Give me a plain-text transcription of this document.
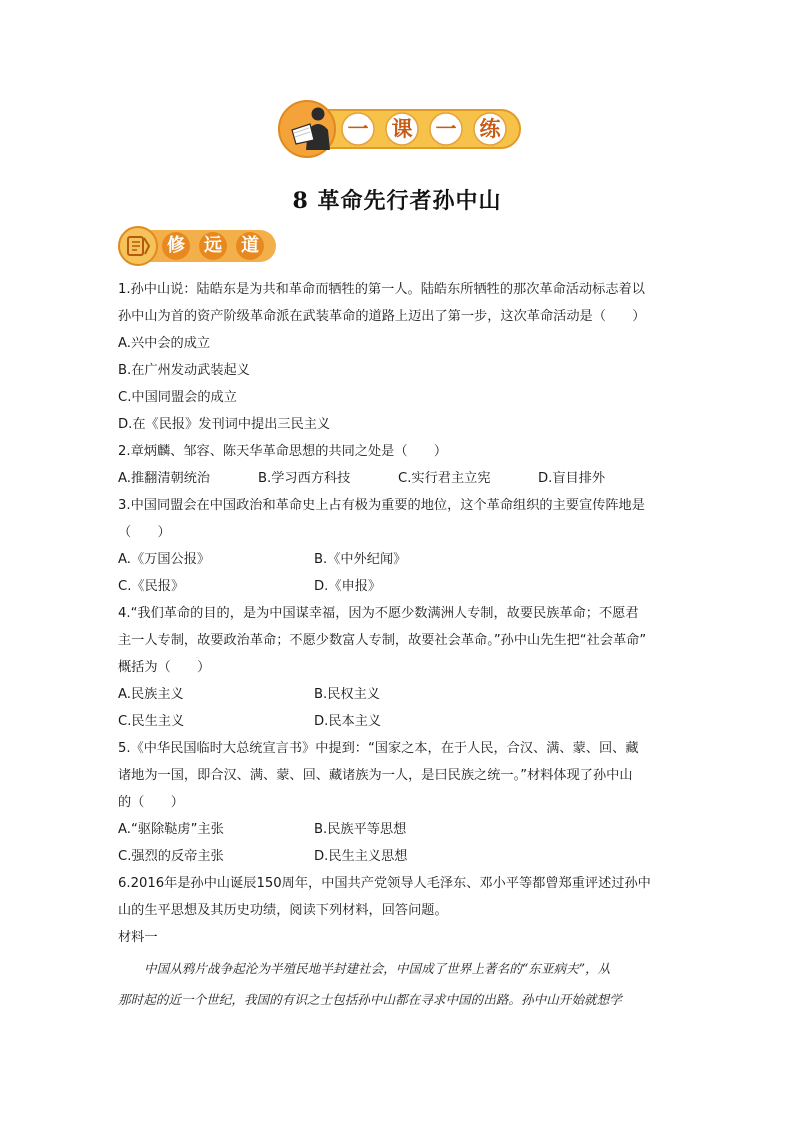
一	课	一	练
8 革命先行者孙中山
修 远 道
1.孙中山说：陆皓东是为共和革命而牺牲的第一人。陆皓东所牺牲的那次革命活动标志着以
孙中山为首的资产阶级革命派在武装革命的道路上迈出了第一步，这次革命活动是（　　）
A.兴中会的成立
B.在广州发动武装起义
C.中国同盟会的成立
D.在《民报》发刊词中提出三民主义
2.章炳麟、邹容、陈天华革命思想的共同之处是（　　）
A.推翻清朝统治	B.学习西方科技	C.实行君主立宪	D.盲目排外
3.中国同盟会在中国政治和革命史上占有极为重要的地位，这个革命组织的主要宣传阵地是
（　　）
A.《万国公报》	B.《中外纪闻》
C.《民报》	D.《申报》
4.“我们革命的目的，是为中国谋幸福，因为不愿少数满洲人专制，故要民族革命；不愿君
主一人专制，故要政治革命；不愿少数富人专制，故要社会革命。”孙中山先生把“社会革命”
概括为（　　）
A.民族主义	B.民权主义
C.民生主义	D.民本主义
5.《中华民国临时大总统宣言书》中提到：“国家之本，在于人民，合汉、满、蒙、回、藏
诸地为一国，即合汉、满、蒙、回、藏诸族为一人，是曰民族之统一。”材料体现了孙中山
的（　　）
A.“驱除鞑虏”主张	B.民族平等思想
C.强烈的反帝主张	D.民生主义思想
6.2016年是孙中山诞辰150周年，中国共产党领导人毛泽东、邓小平等都曾郑重评述过孙中
山的生平思想及其历史功绩，阅读下列材料，回答问题。
材料一
中国从鸦片战争起沦为半殖民地半封建社会，中国成了世界上著名的“东亚病夫”，从
那时起的近一个世纪，我国的有识之士包括孙中山都在寻求中国的出路。孙中山开始就想学
